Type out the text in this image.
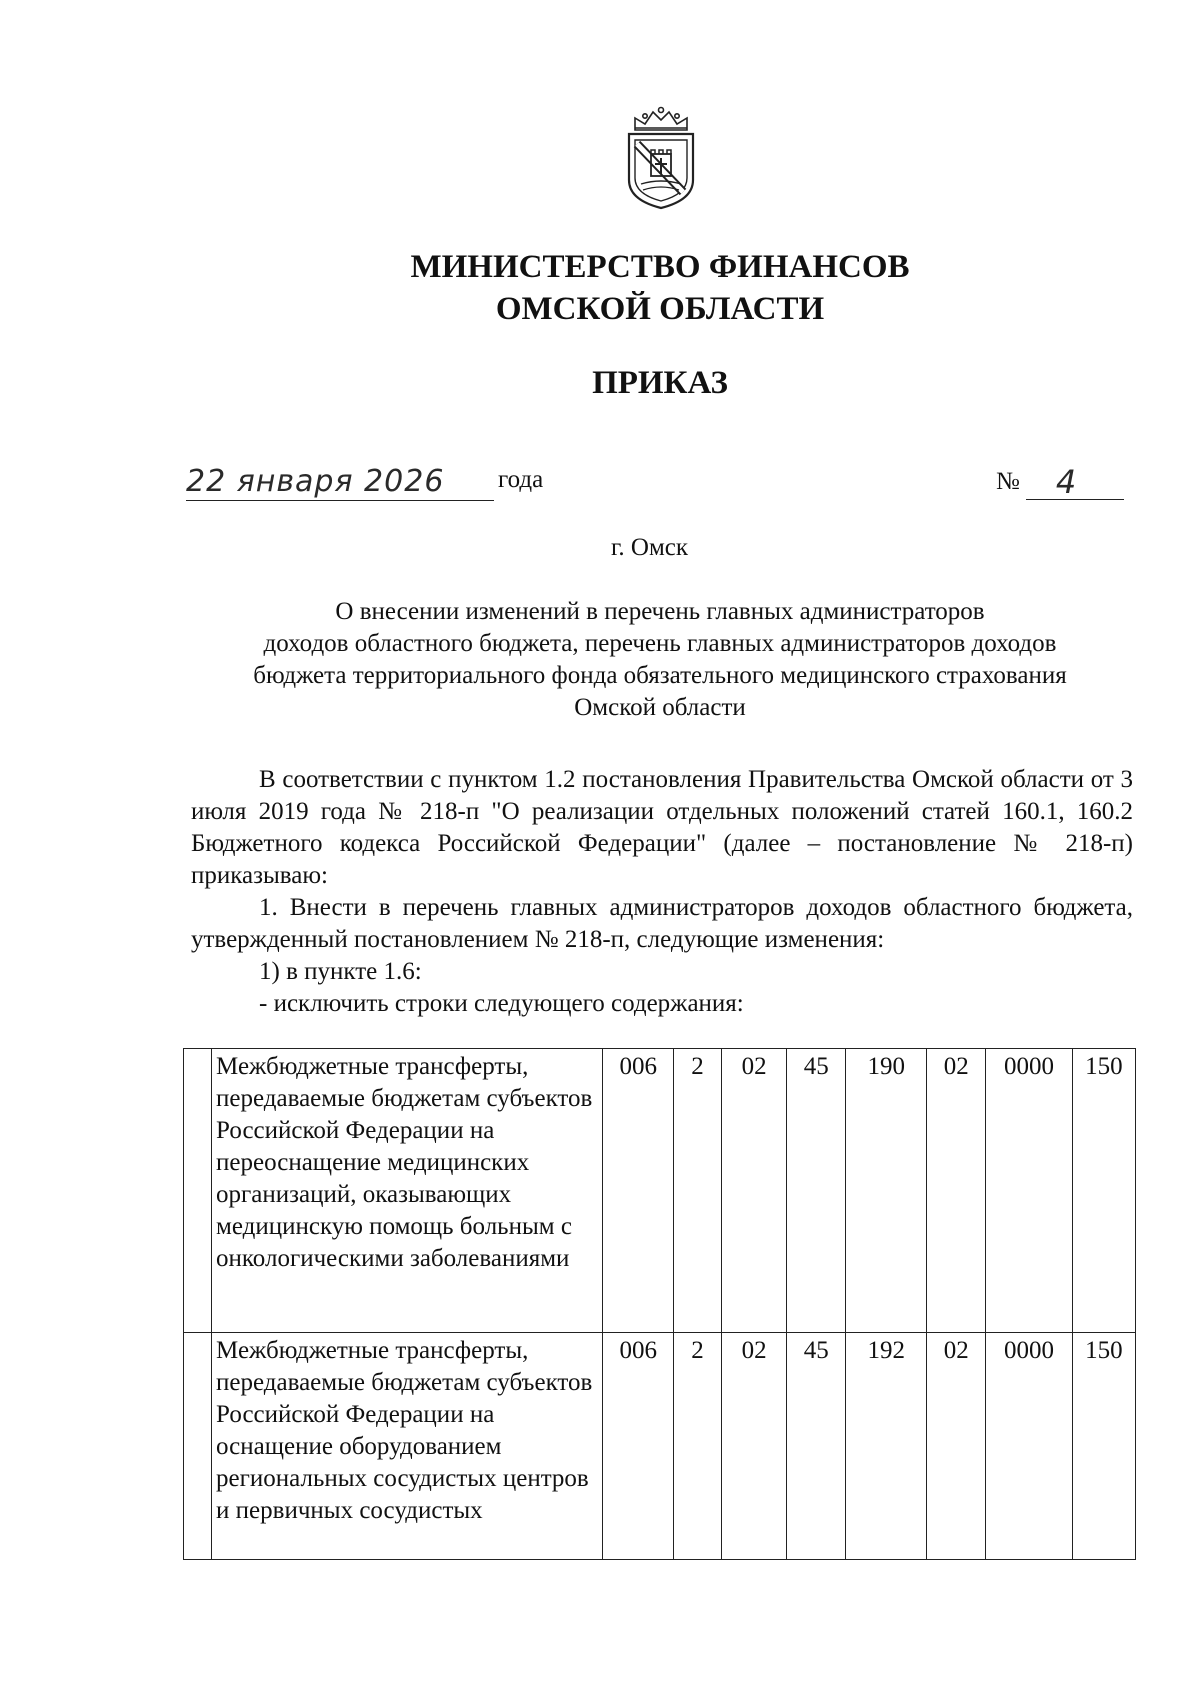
МИНИСТЕРСТВО ФИНАНСОВ
ОМСКОЙ ОБЛАСТИ
ПРИКАЗ
22 января 2026 года	№ 4
г. Омск
О внесении изменений в перечень главных администраторов
доходов областного бюджета, перечень главных администраторов доходов
бюджета территориального фонда обязательного медицинского страхования
Омской области
В соответствии с пунктом 1.2 постановления Правительства Омской области от 3 июля 2019 года № 218-п "О реализации отдельных положений статей 160.1, 160.2 Бюджетного кодекса Российской Федерации" (далее – постановление № 218-п) приказываю:
1. Внести в перечень главных администраторов доходов областного бюджета, утвержденный постановлением № 218-п, следующие изменения:
1) в пункте 1.6:
- исключить строки следующего содержания:
	Межбюджетные трансферты, передаваемые бюджетам субъектов Российской Федерации на переоснащение медицинских организаций, оказывающих медицинскую помощь больным с онкологическими заболеваниями	006	2	02	45	190	02	0000	150
	Межбюджетные трансферты, передаваемые бюджетам субъектов Российской Федерации на оснащение оборудованием региональных сосудистых центров и первичных сосудистых	006	2	02	45	192	02	0000	150
